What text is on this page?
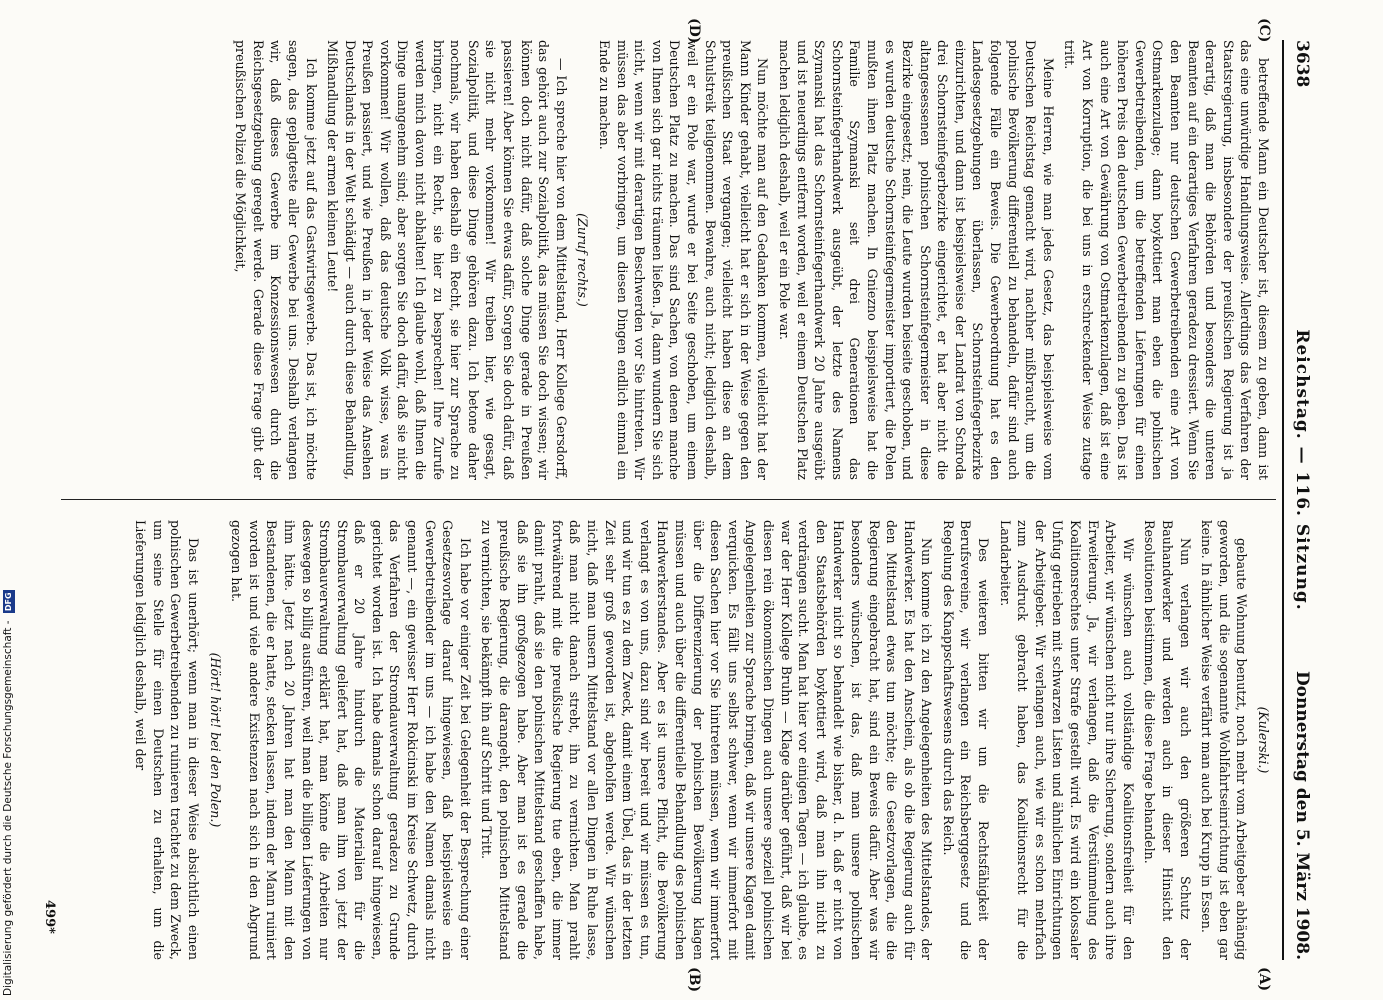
(C)
(D)
(A)
(B)
3638
Reichstag. — 116. Sitzung.
Donnerstag den 5. März 1908.

betreffende Mann ein Deutscher ist, diesem zu geben, dann ist das eine unwürdige Handlungsweise. Allerdings das Verfahren der Staatsregierung, insbesondere der preußischen Regierung ist ja derartig, daß man die Behörden und besonders die unteren Beamten auf ein derartiges Verfahren geradezu dressiert. Wenn Sie den Beamten nur deutschen Gewerbetreibenden eine Art von Ostmarkenzulage; dann boykottiert man eben die polnischen Gewerbetreibenden, um die betreffenden Lieferungen für einen höheren Preis den deutschen Gewerbetreibenden zu geben. Das ist auch eine Art von Gewährung von Ostmarkenzulagen, daß ist eine Art von Korruption, die bei uns in erschreckender Weise zutage tritt.

Meine Herren, wie man jedes Gesetz, das beispielsweise vom Deutschen Reichstag gemacht wird, nachher mißbraucht, um die polnische Bevölkerung differentiell zu behandeln, dafür sind auch folgende Fälle ein Beweis. Die Gewerbeordnung hat es den Landesgesetzgebungen überlassen, Schornsteinfegerbezirke einzurichten, und dann ist beispielsweise der Landrat von Schroda drei Schornsteinfegerbezirke eingerichtet, er hat aber nicht die altangesessenen polnischen Schornsteinfegermeister in diese Bezirke eingesetzt; nein, die Leute wurden beiseite geschoben, und es wurden deutsche Schornsteinfegermeister importiert, die Polen mußten ihnen Platz machen. In Gniezno beispielsweise hat die Familie Szymanski seit drei Generationen das Schornsteinfegerhandwerk ausgeübt, der letzte des Namens Szymanski hat das Schornsteinfegerhandwerk 20 Jahre ausgeübt und ist neuerdings entfernt worden, weil er einem Deutschen Platz machen lediglich deshalb, weil er ein Pole war.

Nun möchte man auf den Gedanken kommen, vielleicht hat der Mann Kinder gehabt, vielleicht hat er sich in der Weise gegen den preußischen Staat vergangen; vielleicht haben diese an dem Schulstreik teilgenommen. Bewahre, auch nicht; lediglich deshalb, weil er ein Pole war, wurde er bei Seite geschoben, um einem Deutschen Platz zu machen. Das sind Sachen, von denen manche von Ihnen sich gar nichts träumen ließen. Ja, dann wundern Sie sich nicht, wenn wir mit derartigen Beschwerden vor Sie hintreten. Wir müssen das aber vorbringen, um diesen Dingen endlich einmal ein Ende zu machen.

(Zuruf rechts.)

— Ich spreche hier von dem Mittelstand, Herr Kollege Gersdorff, das gehört auch zur Sozialpolitik, das müssen Sie doch wissen; wir können doch nicht dafür, daß solche Dinge gerade in Preußen passieren! Aber können Sie etwas dafür, Sorgen Sie doch dafür, daß sie nicht mehr vorkommen! Wir treiben hier, wie gesagt, Sozialpolitik, und diese Dinge gehören dazu. Ich betone daher nochmals, wir haben deshalb ein Recht, sie hier zur Sprache zu bringen, nicht ein Recht, sie hier zu besprechen! Ihre Zurufe werden mich davon nicht abhalten! Ich glaube wohl, daß Ihnen die Dinge unangenehm sind; aber sorgen Sie doch dafür, daß sie nicht vorkommen! Wir wollen, daß das deutsche Volk wisse, was in Preußen passiert, und wie Preußen in jeder Weise das Ansehen Deutschlands in der Welt schädigt — auch durch diese Behandlung, Mißhandlung der armen kleinen Leute!

Ich komme jetzt auf das Gastwirtsgewerbe. Das ist, ich möchte sagen, das geplagteste aller Gewerbe bei uns. Deshalb verlangen wir, daß dieses Gewerbe im Konzessionswesen durch die Reichsgesetzgebung geregelt werde. Gerade diese Frage gibt der preußischen Polizei die Möglichkeit,

(Kulerski.)

gebaute Wohnung benutzt, noch mehr vom Arbeitgeber abhängig geworden, und die sogenannte Wohlfahrtseinrichtung ist eben gar keine. In ähnlicher Weise verfährt man auch bei Krupp in Essen.

Nun verlangen wir auch den größeren Schutz der Bauhandwerker und werden auch in dieser Hinsicht den Resolutionen beistimmen, die diese Frage behandeln.

Wir wünschen auch vollständige Koalitionsfreiheit für den Arbeiter, wir wünschen nicht nur ihre Sicherung, sondern auch ihre Erweiterung. Ja, wir verlangen, daß die Verstümmelung des Koalitionsrechtes unter Strafe gestellt wird. Es wird ein kolossaler Unfug getrieben mit schwarzen Listen und ähnlichen Einrichtungen der Arbeitgeber. Wir verlangen auch, wie wir es schon mehrfach zum Ausdruck gebracht haben, das Koalitionsrecht für die Landarbeiter.

Des weiteren bitten wir um die Rechtsfähigkeit der Berufsvereine, wir verlangen ein Reichsberggesetz und die Regelung des Knappschaftswesens durch das Reich.

Nun komme ich zu den Angelegenheiten des Mittelstandes, der Handwerker. Es hat den Anschein, als ob die Regierung auch für den Mittelstand etwas tun möchte; die Gesetzvorlagen, die die Regierung eingebracht hat, sind ein Beweis dafür. Aber was wir besonders wünschen, ist das, daß man unsere polnischen Handwerker nicht so behandelt wie bisher, d. h. daß er nicht von den Staatsbehörden boykottiert wird, daß man ihn nicht zu verdrängen sucht. Man hat hier vor einigen Tagen — ich glaube, es war der Herr Kollege Bruhn — Klage darüber geführt, daß wir bei diesen rein ökonomischen Dingen auch unsere speziell polnischen Angelegenheiten zur Sprache bringen, daß wir unsere Klagen damit verquicken. Es fällt uns selbst schwer, wenn wir immerfort mit diesen Sachen hier vor Sie hintreten müssen, wenn wir immerfort über die Differenzierung der polnischen Bevölkerung klagen müssen und auch über die differentielle Behandlung des polnischen Handwerkerstandes. Aber es ist unsere Pflicht, die Bevölkerung verlangt es von uns, dazu sind wir bereit und wir müssen es tun, und wir tun es zu dem Zweck, damit einem Übel, das in der letzten Zeit sehr groß geworden ist, abgeholfen werde. Wir wünschen nicht, daß man unsern Mittelstand vor allen Dingen in Ruhe lasse, daß man nicht danach strebt, ihn zu vernichten. Man prahlt fortwährend mit die preußische Regierung tue eben, die immer damit prahlt, daß sie den polnischen Mittelstand geschaffen habe, daß sie ihn großgezogen habe. Aber man ist es gerade die preußische Regierung, die darangeht, den polnischen Mittelstand zu vernichten, sie bekämpft ihn auf Schritt und Tritt.

Ich habe vor einiger Zeit bei Gelegenheit der Besprechung einer Gesetzesvorlage darauf hingewiesen, daß beispielsweise ein Gewerbetreibender im uns — ich habe den Namen damals nicht genannt —, ein gewisser Herr Rokicinski im Kreise Schwetz, durch das Verfahren der Stromdauverwaltung geradezu zu Grunde gerichtet worden ist. Ich habe damals schon darauf hingewiesen, daß er 20 Jahre hindurch die Materialien für die Strombauverwaltung geliefert hat, daß man ihm von jetzt der Strombauverwaltung erklärt hat, man könne die Arbeiten nur deswegen so billig ausführen, weil man die billigen Lieferungen von ihm hätte. Jetzt nach 20 Jahren hat man den Mann mit den Bestandenen, die er hatte, stecken lassen, indem der Mann ruiniert worden ist und viele andere Existenzen nach sich in den Abgrund gezogen hat.

(Hört! hört! bei den Polen.)

Das ist unerhört; wenn man in dieser Weise absichtlich einen polnischen Gewerbetreibenden zu ruinieren trachtet zu dem Zweck, um seine Stelle für einen Deutschen zu erhalten, um die Lieferungen lediglich deshalb, weil der

499*
Digitalisierung gefördert durch die Deutsche Forschungsgemeinschaft - DFG
